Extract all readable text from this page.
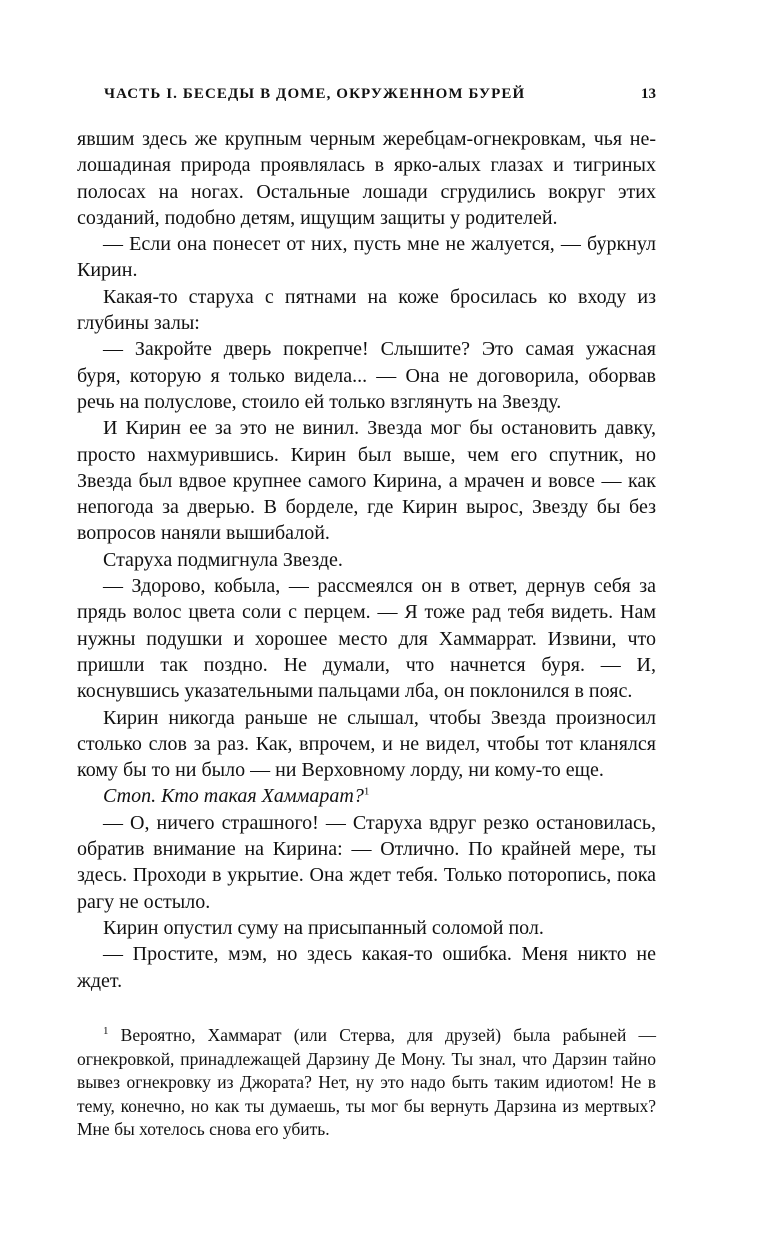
ЧАСТЬ I. БЕСЕДЫ В ДОМЕ, ОКРУЖЕННОМ БУРЕЙ	13

явшим здесь же крупным черным жеребцам-огнекровкам, чья не-лошадиная природа проявлялась в ярко-алых глазах и тигриных полосах на ногах. Остальные лошади сгрудились вокруг этих созданий, подобно детям, ищущим защиты у родителей.

— Если она понесет от них, пусть мне не жалуется, — буркнул Кирин.

Какая-то старуха с пятнами на коже бросилась ко входу из глубины залы:

— Закройте дверь покрепче! Слышите? Это самая ужасная буря, которую я только видела... — Она не договорила, оборвав речь на полуслове, стоило ей только взглянуть на Звезду.

И Кирин ее за это не винил. Звезда мог бы остановить давку, просто нахмурившись. Кирин был выше, чем его спутник, но Звезда был вдвое крупнее самого Кирина, а мрачен и вовсе — как непогода за дверью. В борделе, где Кирин вырос, Звезду бы без вопросов наняли вышибалой.

Старуха подмигнула Звезде.

— Здорово, кобыла, — рассмеялся он в ответ, дернув себя за прядь волос цвета соли с перцем. — Я тоже рад тебя видеть. Нам нужны подушки и хорошее место для Хаммаррат. Извини, что пришли так поздно. Не думали, что начнется буря. — И, коснувшись указательными пальцами лба, он поклонился в пояс.

Кирин никогда раньше не слышал, чтобы Звезда произносил столько слов за раз. Как, впрочем, и не видел, чтобы тот кланялся кому бы то ни было — ни Верховному лорду, ни кому-то еще.

Стоп. Кто такая Хаммарат?$^1$

— О, ничего страшного! — Старуха вдруг резко остановилась, обратив внимание на Кирина: — Отлично. По крайней мере, ты здесь. Проходи в укрытие. Она ждет тебя. Только поторопись, пока рагу не остыло.

Кирин опустил суму на присыпанный соломой пол.

— Простите, мэм, но здесь какая-то ошибка. Меня никто не ждет.

$^1$ Вероятно, Хаммарат (или Стерва, для друзей) была рабыней — огнекровкой, принадлежащей Дарзину Де Мону. Ты знал, что Дарзин тайно вывез огнекровку из Джората? Нет, ну это надо быть таким идиотом! Не в тему, конечно, но как ты думаешь, ты мог бы вернуть Дарзина из мертвых? Мне бы хотелось снова его убить.
